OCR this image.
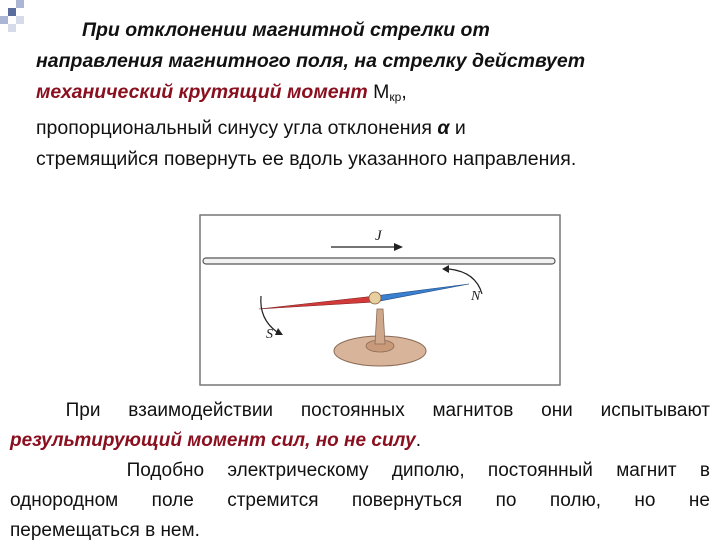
При отклонении магнитной стрелки от
направления магнитного поля, на стрелку действует
механический крутящий момент $M_{кр}$,
пропорциональный синусу угла отклонения α и
стремящийся повернуть ее вдоль указанного направления.
J
N
S
При взаимодействии постоянных магнитов они испытывают
результирующий момент сил, но не силу.
Подобно электрическому диполю, постоянный магнит в
однородном поле стремится повернуться по полю, но не
перемещаться в нем.
